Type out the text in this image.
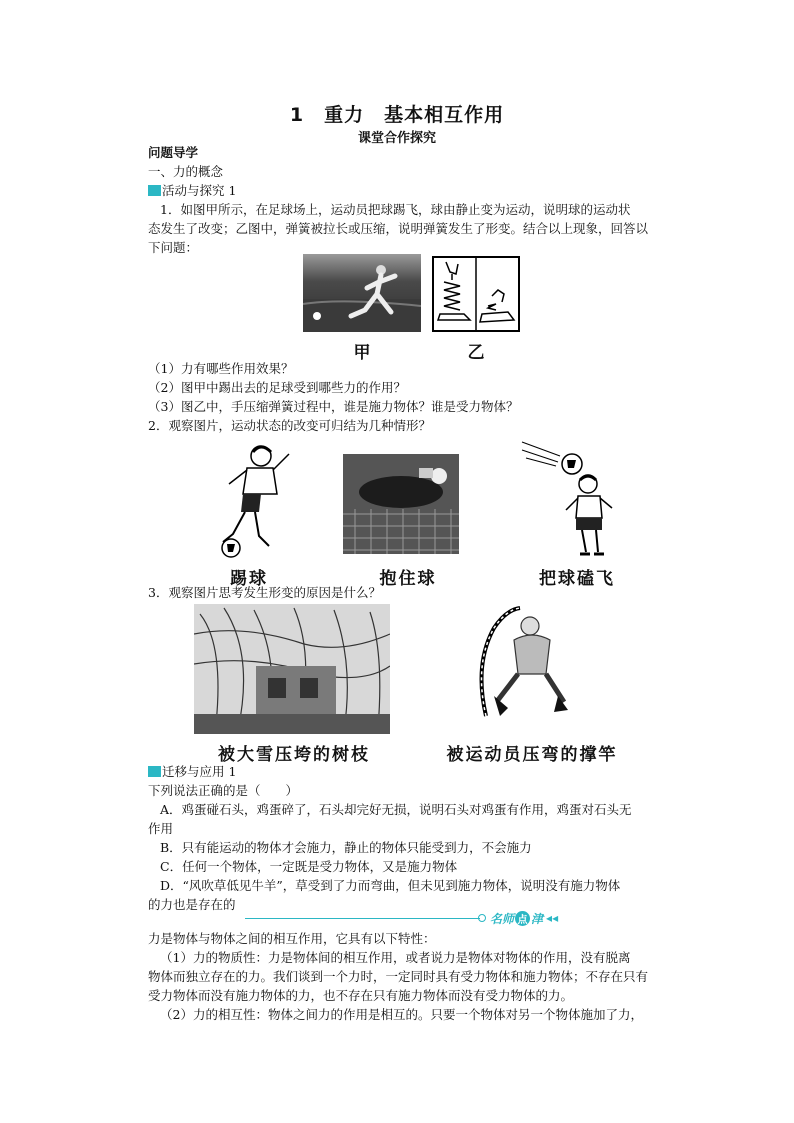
1　重力　基本相互作用
课堂合作探究
问题导学
一、力的概念
活动与探究 1
1．如图甲所示，在足球场上，运动员把球踢飞，球由静止变为运动，说明球的运动状
态发生了改变；乙图中，弹簧被拉长或压缩，说明弹簧发生了形变。结合以上现象，回答以
下问题：
甲	乙
（1）力有哪些作用效果？
（2）图甲中踢出去的足球受到哪些力的作用？
（3）图乙中，手压缩弹簧过程中，谁是施力物体？谁是受力物体？
2．观察图片，运动状态的改变可归结为几种情形？
踢球	抱住球	把球磕飞
3．观察图片思考发生形变的原因是什么？
被大雪压垮的树枝	被运动员压弯的撑竿
迁移与应用 1
下列说法正确的是（　　）
A．鸡蛋碰石头，鸡蛋碎了，石头却完好无损，说明石头对鸡蛋有作用，鸡蛋对石头无
作用
B．只有能运动的物体才会施力，静止的物体只能受到力，不会施力
C．任何一个物体，一定既是受力物体，又是施力物体
D．“风吹草低见牛羊”，草受到了力而弯曲，但未见到施力物体，说明没有施力物体
的力也是存在的
名 师 点 津 ◂◂
力是物体与物体之间的相互作用，它具有以下特性：
（1）力的物质性：力是物体间的相互作用，或者说力是物体对物体的作用，没有脱离
物体而独立存在的力。我们谈到一个力时，一定同时具有受力物体和施力物体；不存在只有
受力物体而没有施力物体的力，也不存在只有施力物体而没有受力物体的力。
（2）力的相互性：物体之间力的作用是相互的。只要一个物体对另一个物体施加了力，
